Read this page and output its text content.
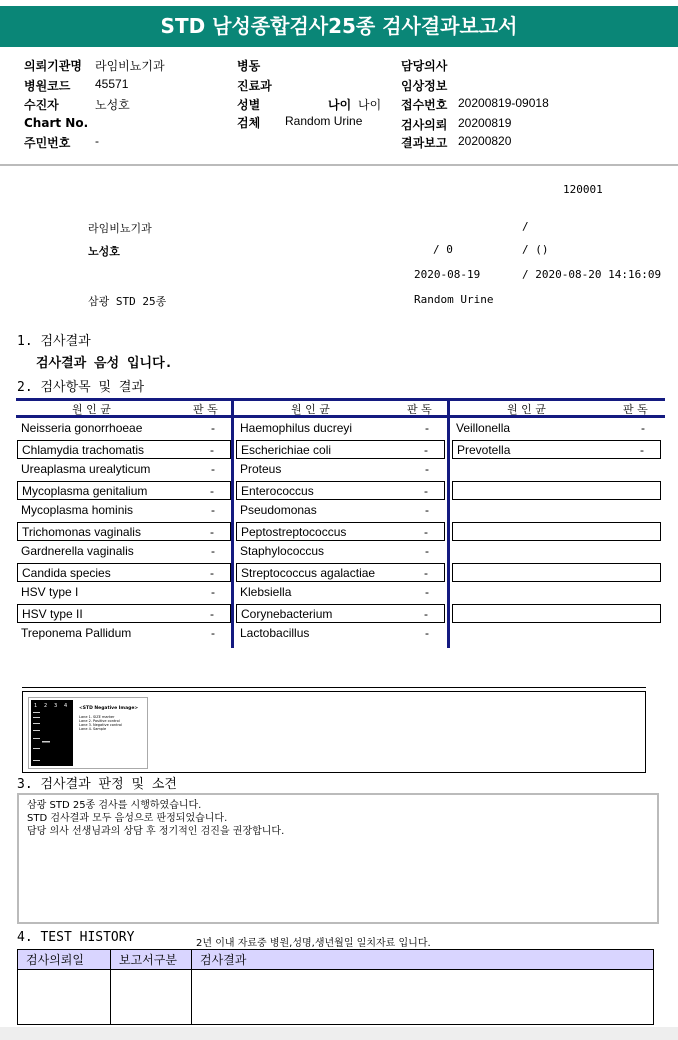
STD 남성종합검사25종 검사결과보고서
의뢰기관명 라임비뇨기과
병원코드 45571
수진자	노성호
Chart No.
주민번호 -
병동
진료과
성별	나이 나이
검체 Random Urine
담당의사
임상정보
접수번호 20200819-09018
검사의뢰 20200819
결과보고 20200820
120001
라임비뇨기과	/
노성호	/ 0	/ ()
2020-08-19	/ 2020-08-20 14:16:09
삼광 STD 25종	Random Urine
1. 검사결과
검사결과 음성 입니다.
2. 검사항목 및 결과
원 인 균	판 독
Neisseria gonorrhoeae	-
Chlamydia trachomatis	-
Ureaplasma urealyticum	-
Mycoplasma genitalium	-
Mycoplasma hominis	-
Trichomonas vaginalis	-
Gardnerella vaginalis	-
Candida species	-
HSV type I	-
HSV type II	-
Treponema Pallidum	-
원 인 균	판 독
Haemophilus ducreyi	-
Escherichiae coli	-
Proteus	-
Enterococcus	-
Pseudomonas	-
Peptostreptococcus	-
Staphylococcus	-
Streptococcus agalactiae	-
Klebsiella	-
Corynebacterium	-
Lactobacillus	-
원 인 균	판 독
Veillonella	-
Prevotella	-
1 2 3 4	<STD Negative Image>
Lane 1. SIZE marker
Lane 2. Positive control
Lane 3. Negative control
Lane 4. Sample
3. 검사결과 판정 및 소견
삼광 STD 25종 검사를 시행하였습니다.
STD 검사결과 모두 음성으로 판정되었습니다.
담당 의사 선생님과의 상담 후 정기적인 검진을 권장합니다.
4. TEST HISTORY	2년 이내 자료중 병원,성명,생년월일 일치자료 입니다.
검사의뢰일	보고서구분	검사결과
